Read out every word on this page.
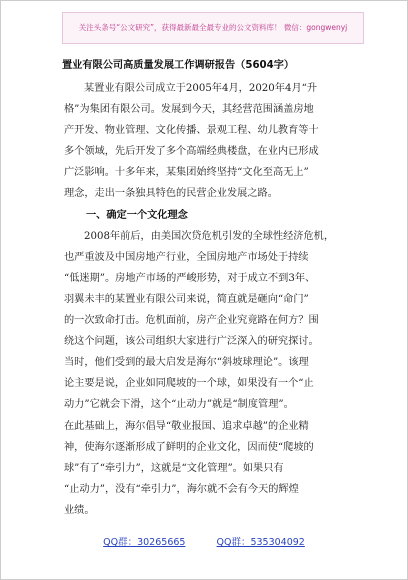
关注头条号“公文研究”，获得最新最全最专业的公文资料库！ 微信：gongwenyj
置业有限公司高质量发展工作调研报告（5604字）

某置业有限公司成立于2005年4月，2020年4月“升
格”为集团有限公司。发展到今天，其经营范围涵盖房地
产开发、物业管理、文化传播、景观工程、幼儿教育等十
多个领域，先后开发了多个高端经典楼盘，在业内已形成
广泛影响。十多年来，某集团始终坚持“文化至高无上”
理念，走出一条独具特色的民营企业发展之路。

一、确定一个文化理念

2008年前后，由美国次贷危机引发的全球性经济危机，
也严重波及中国房地产行业，全国房地产市场处于持续
“低迷期”。房地产市场的严峻形势，对于成立不到3年、
羽翼未丰的某置业有限公司来说，简直就是砸向“命门”
的一次致命打击。危机面前，房产企业究竟路在何方？围
绕这个问题，该公司组织大家进行广泛深入的研究探讨。
当时，他们受到的最大启发是海尔“斜坡球理论”。该理
论主要是说，企业如同爬坡的一个球，如果没有一个“止
动力”它就会下滑，这个“止动力”就是“制度管理”。
在此基础上，海尔倡导“敬业报国、追求卓越”的企业精
神，使海尔逐渐形成了鲜明的企业文化，因而使“爬坡的
球”有了“牵引力”，这就是“文化管理”。如果只有
“止动力”，没有“牵引力”，海尔就不会有今天的辉煌
业绩。

QQ群：30265665	QQ群：535304092
